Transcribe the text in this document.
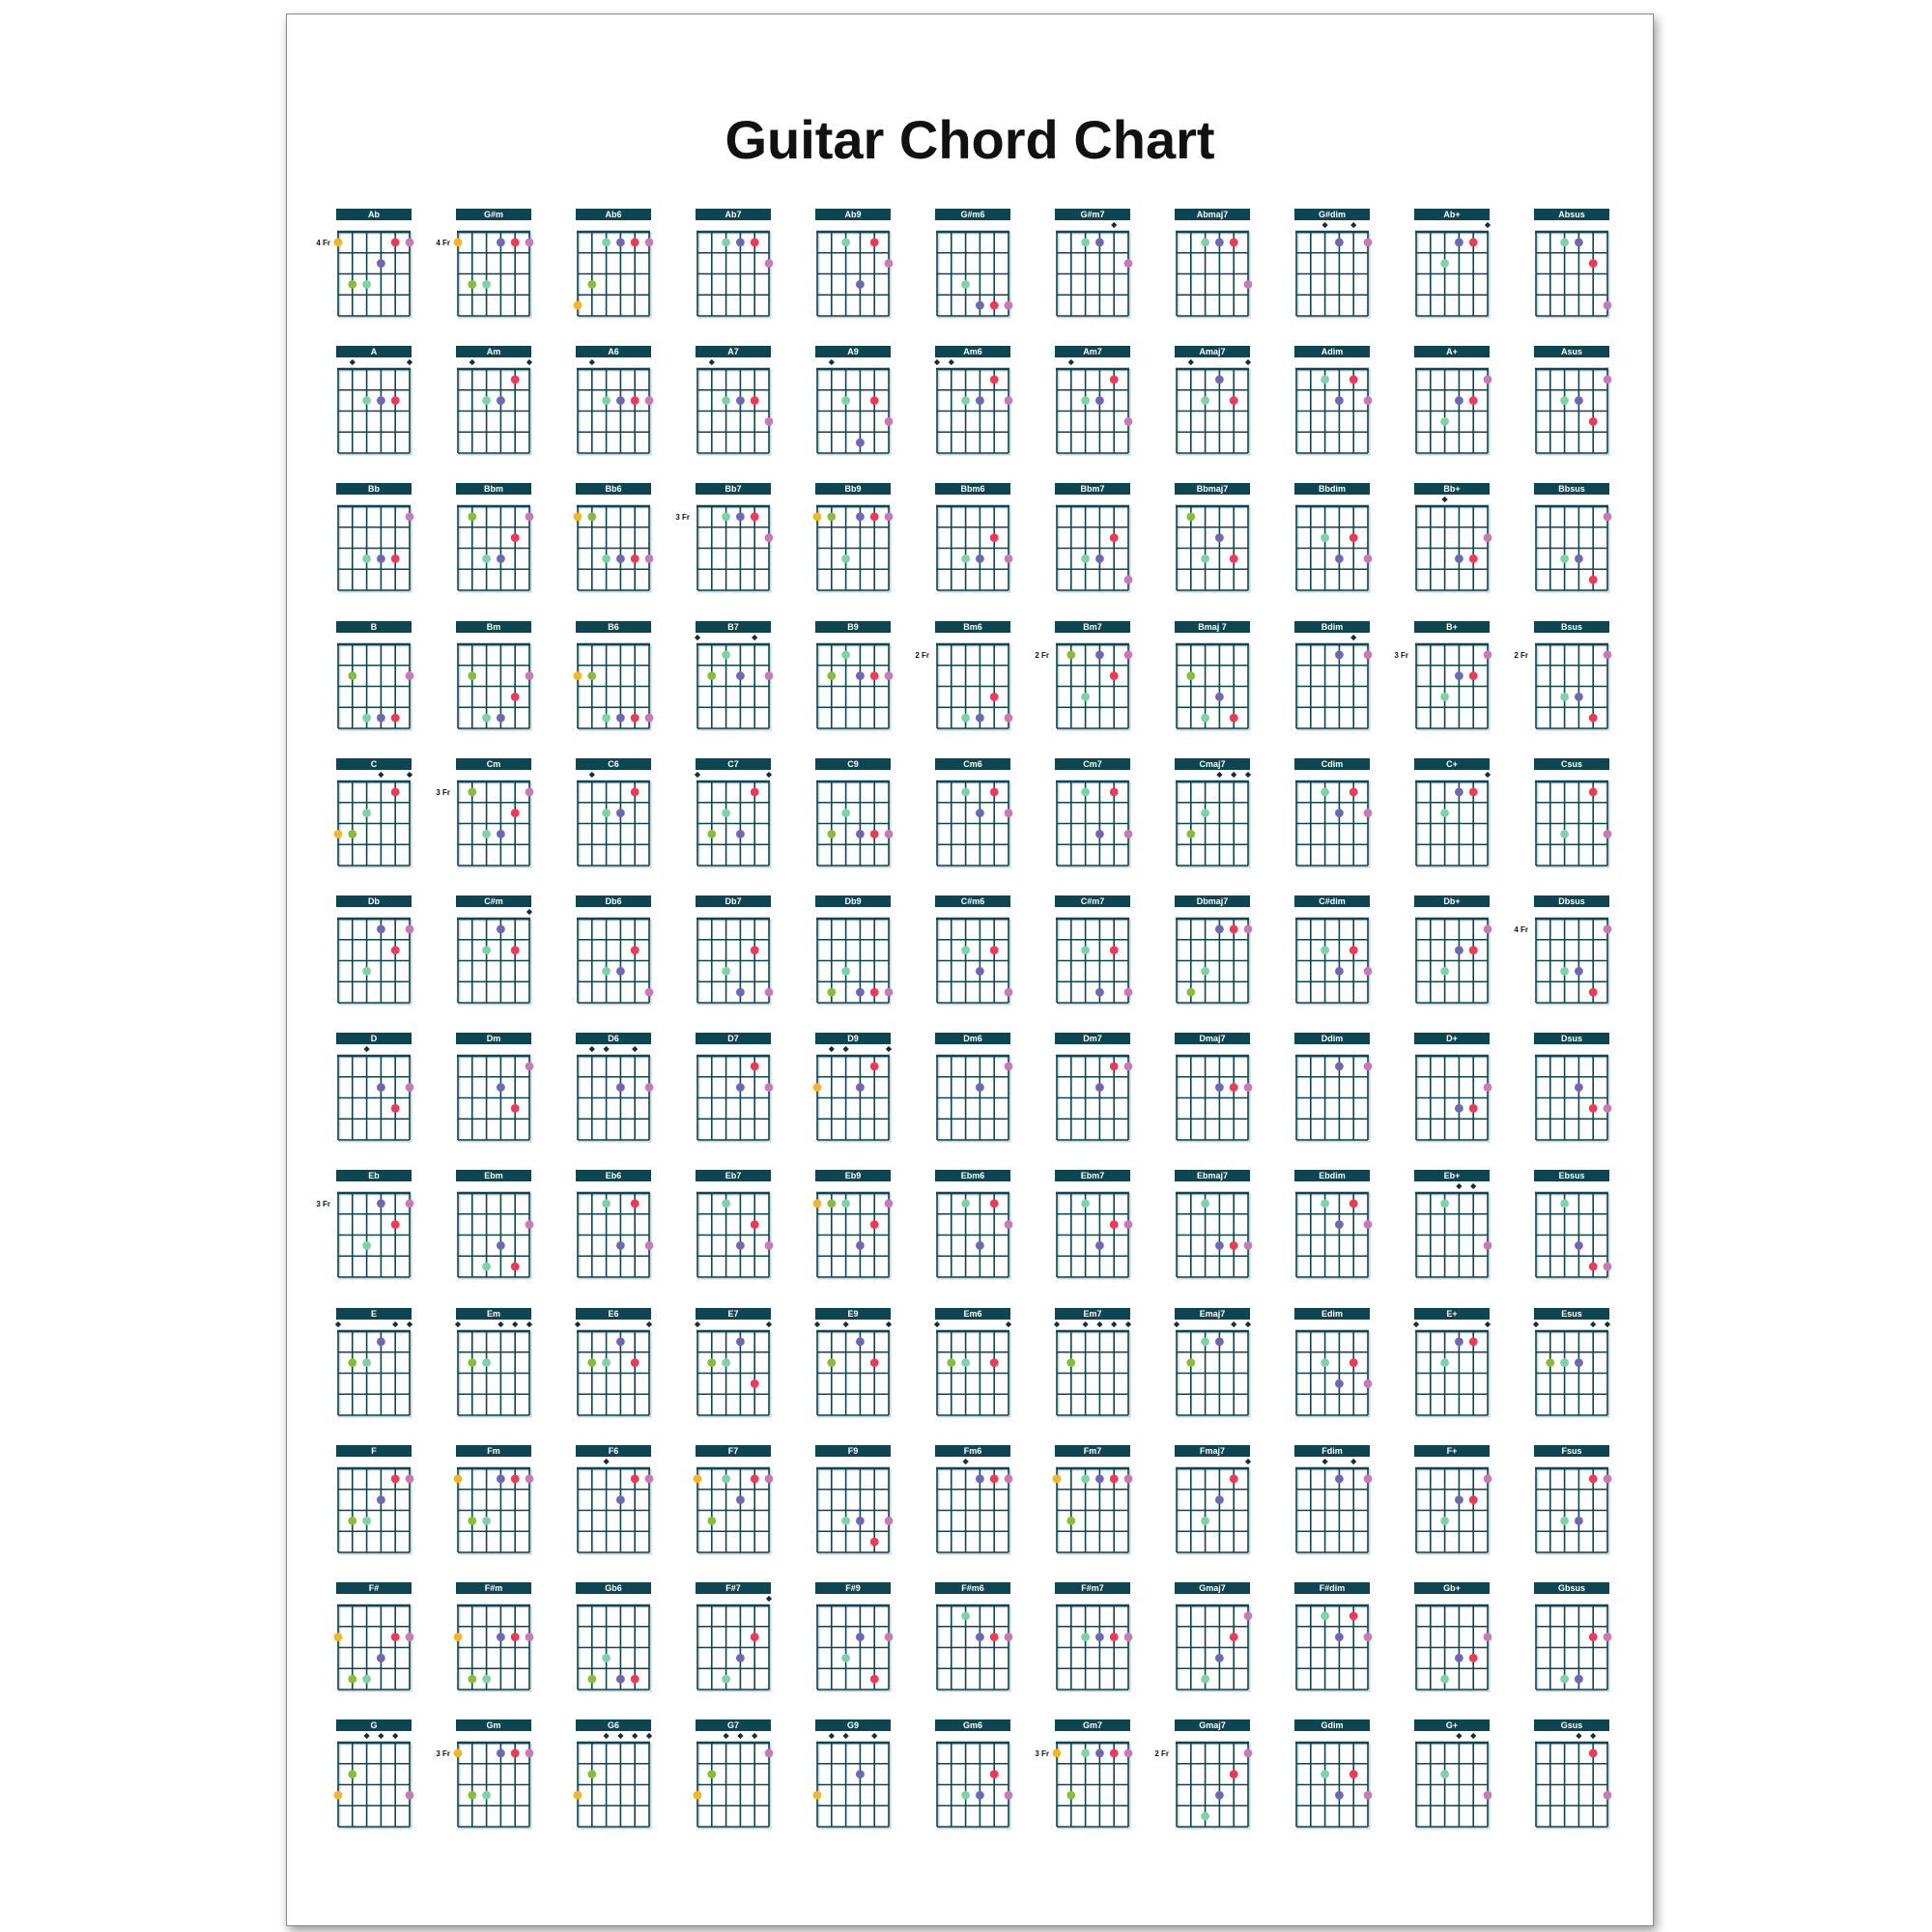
Guitar Chord Chart
Ab
4 Fr
G#m
4 Fr
Ab6	Ab7	Ab9	G#m6	G#m7	Abmaj7	G#dim	Ab+	Absus
A	Am	A6	A7	A9	Am6	Am7	Amaj7	Adim	A+	Asus
Bb	Bbm	Bb6	Bb7
3 Fr
Bb9	Bbm6	Bbm7	Bbmaj7	Bbdim	Bb+	Bbsus
B	Bm	B6	B7	B9	Bm6
2 Fr
Bm7
2 Fr
Bmaj 7	Bdim	B+
3 Fr
Bsus
2 Fr
C	Cm
3 Fr
C6	C7	C9	Cm6	Cm7	Cmaj7	Cdim	C+	Csus
Db	C#m	Db6	Db7	Db9	C#m6	C#m7	Dbmaj7	C#dim	Db+	Dbsus
4 Fr
D	Dm	D6	D7	D9	Dm6	Dm7	Dmaj7	Ddim	D+	Dsus
Eb
3 Fr
Ebm	Eb6	Eb7	Eb9	Ebm6	Ebm7	Ebmaj7	Ebdim	Eb+	Ebsus
E	Em	E6	E7	E9	Em6	Em7	Emaj7	Edim	E+	Esus
F	Fm	F6	F7	F9	Fm6	Fm7	Fmaj7	Fdim	F+	Fsus
F#	F#m	Gb6	F#7	F#9	F#m6	F#m7	Gmaj7	F#dim	Gb+	Gbsus
G	Gm
3 Fr
G6	G7	G9	Gm6	Gm7
3 Fr
Gmaj7
2 Fr
Gdim	G+	Gsus
